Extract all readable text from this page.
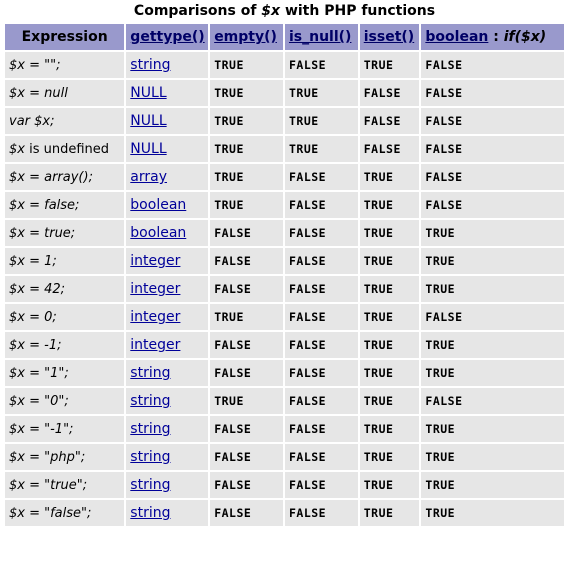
Comparisons of $x with PHP functions
Expression	gettype()	empty()	is_null()	isset()	boolean : if($x)
$x = "";	string	TRUE	FALSE	TRUE	FALSE
$x = null	NULL	TRUE	TRUE	FALSE	FALSE
var $x;	NULL	TRUE	TRUE	FALSE	FALSE
$x is undefined	NULL	TRUE	TRUE	FALSE	FALSE
$x = array();	array	TRUE	FALSE	TRUE	FALSE
$x = false;	boolean	TRUE	FALSE	TRUE	FALSE
$x = true;	boolean	FALSE	FALSE	TRUE	TRUE
$x = 1;	integer	FALSE	FALSE	TRUE	TRUE
$x = 42;	integer	FALSE	FALSE	TRUE	TRUE
$x = 0;	integer	TRUE	FALSE	TRUE	FALSE
$x = -1;	integer	FALSE	FALSE	TRUE	TRUE
$x = "1";	string	FALSE	FALSE	TRUE	TRUE
$x = "0";	string	TRUE	FALSE	TRUE	FALSE
$x = "-1";	string	FALSE	FALSE	TRUE	TRUE
$x = "php";	string	FALSE	FALSE	TRUE	TRUE
$x = "true";	string	FALSE	FALSE	TRUE	TRUE
$x = "false";	string	FALSE	FALSE	TRUE	TRUE
